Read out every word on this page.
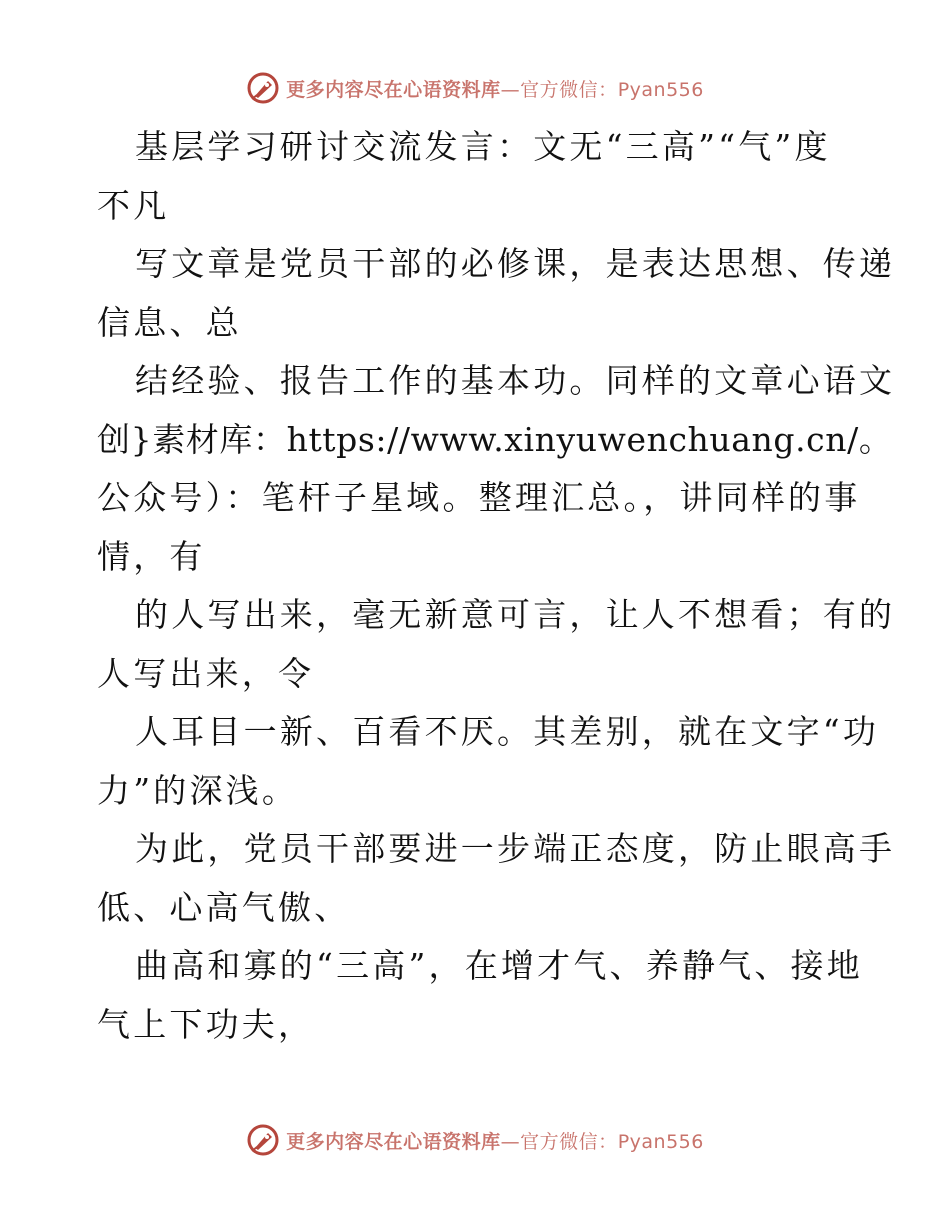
更多内容尽在心语资料库—官方微信：Pyan556
基层学习研讨交流发言：文无“三高”“气”度
不凡
写文章是党员干部的必修课，是表达思想、传递
信息、总
结经验、报告工作的基本功。同样的文章心语文
创}素材库：https://www.xinyuwenchuang.cn/。
公众号）：笔杆子星域。整理汇总。，讲同样的事
情，有
的人写出来，毫无新意可言，让人不想看；有的
人写出来，令
人耳目一新、百看不厌。其差别，就在文字“功
力”的深浅。
为此，党员干部要进一步端正态度，防止眼高手
低、心高气傲、
曲高和寡的“三高”，在增才气、养静气、接地
气上下功夫，
更多内容尽在心语资料库—官方微信：Pyan556
